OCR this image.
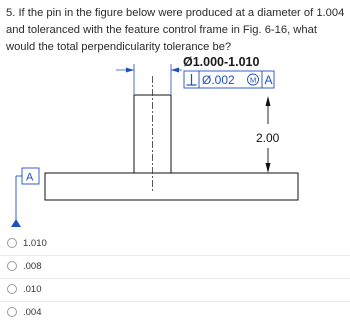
5. If the pin in the figure below were produced at a diameter of 1.004 and toleranced with the feature control frame in Fig. 6-16, what would the total perpendicularity tolerance be?

Ø1.000-1.010
Ø.002 M A
2.00
A
1.010
.008
.010
.004
